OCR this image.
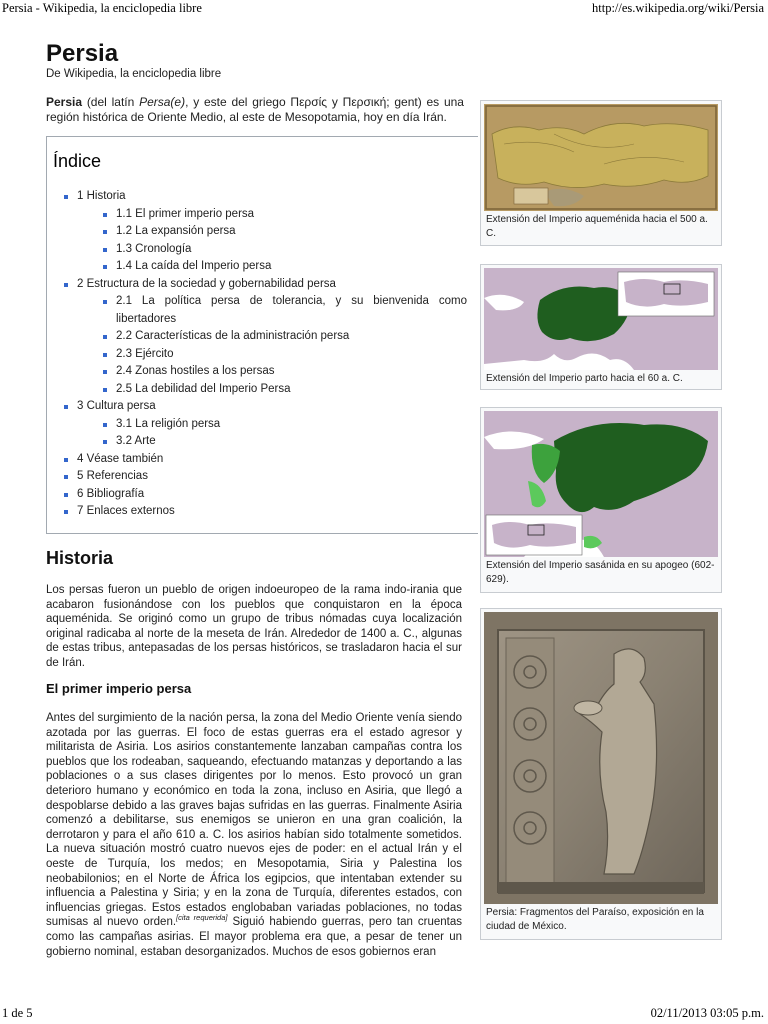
Persia - Wikipedia, la enciclopedia libre	http://es.wikipedia.org/wiki/Persia
Persia
De Wikipedia, la enciclopedia libre

Persia (del latín Persa(e), y este del griego Περσίς y Περσική; gent) es una región histórica de Oriente Medio, al este de Mesopotamia, hoy en día Irán.

Índice
1 Historia
1.1 El primer imperio persa
1.2 La expansión persa
1.3 Cronología
1.4 La caída del Imperio persa
2 Estructura de la sociedad y gobernabilidad persa
2.1 La política persa de tolerancia, y su bienvenida como libertadores
2.2 Características de la administración persa
2.3 Ejército
2.4 Zonas hostiles a los persas
2.5 La debilidad del Imperio Persa
3 Cultura persa
3.1 La religión persa
3.2 Arte
4 Véase también
5 Referencias
6 Bibliografía
7 Enlaces externos
Historia

Los persas fueron un pueblo de origen indoeuropeo de la rama indo-irania que acabaron fusionándose con los pueblos que conquistaron en la época aqueménida. Se originó como un grupo de tribus nómadas cuya localización original radicaba al norte de la meseta de Irán. Alrededor de 1400 a. C., algunas de estas tribus, antepasadas de los persas históricos, se trasladaron hacia el sur de Irán.

El primer imperio persa

Antes del surgimiento de la nación persa, la zona del Medio Oriente venía siendo azotada por las guerras. El foco de estas guerras era el estado agresor y militarista de Asiria. Los asirios constantemente lanzaban campañas contra los pueblos que los rodeaban, saqueando, efectuando matanzas y deportando a las poblaciones o a sus clases dirigentes por lo menos. Esto provocó un gran deterioro humano y económico en toda la zona, incluso en Asiria, que llegó a despoblarse debido a las graves bajas sufridas en las guerras. Finalmente Asiria comenzó a debilitarse, sus enemigos se unieron en una gran coalición, la derrotaron y para el año 610 a. C. los asirios habían sido totalmente sometidos. La nueva situación mostró cuatro nuevos ejes de poder: en el actual Irán y el oeste de Turquía, los medos; en Mesopotamia, Siria y Palestina los neobabilonios; en el Norte de África los egipcios, que intentaban extender su influencia a Palestina y Siria; y en la zona de Turquía, diferentes estados, con influencias griegas. Estos estados englobaban variadas poblaciones, no todas sumisas al nuevo orden.[cita requerida] Siguió habiendo guerras, pero tan cruentas como las campañas asirias. El mayor problema era que, a pesar de tener un gobierno nominal, estaban desorganizados. Muchos de esos gobiernos eran

Extensión del Imperio aqueménida hacia el 500 a. C.
Extensión del Imperio parto hacia el 60 a. C.
Extensión del Imperio sasánida en su apogeo (602-629).
Persia: Fragmentos del Paraíso, exposición en la ciudad de México.
1 de 5	02/11/2013 03:05 p.m.
